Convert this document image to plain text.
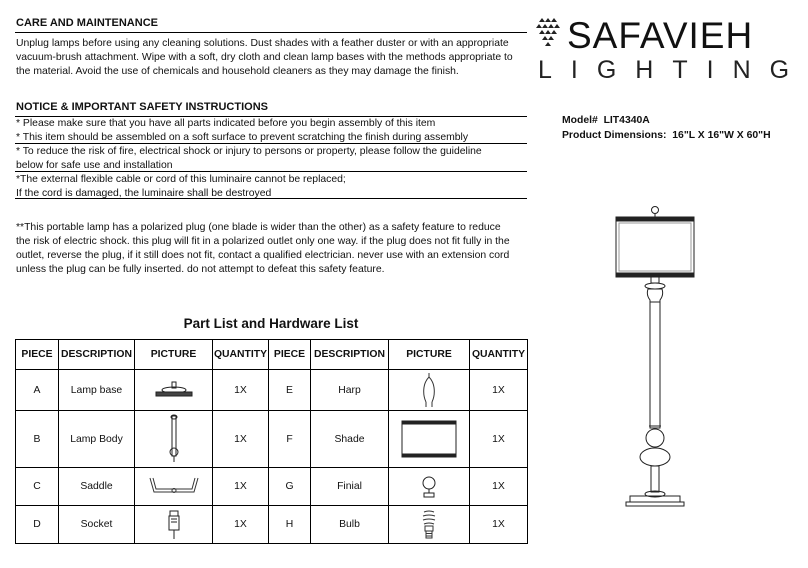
CARE AND MAINTENANCE
Unplug lamps before using any cleaning solutions. Dust shades with a feather duster or with an appropriate
vacuum-brush attachment. Wipe with a soft, dry cloth and clean lamp bases with the methods appropriate to
the material. Avoid the use of chemicals and household cleaners as they may damage the finish.
NOTICE & IMPORTANT SAFETY INSTRUCTIONS
* Please make sure that you have all parts indicated before you begin assembly of this item
* This item should be assembled on a soft surface to prevent scratching the finish during assembly
* To reduce the risk of fire, electrical shock or injury to persons or property, please follow the guideline
below for safe use and installation
*The external flexible cable or cord of this luminaire cannot be replaced;
If the cord is damaged, the luminaire shall be destroyed
**This portable lamp has a polarized plug (one blade is wider than the other) as a safety feature to reduce
the risk of electric shock. this plug will fit in a polarized outlet only one way. if the plug does not fit fully in the
outlet, reverse the plug, if it still does not fit, contact a qualified electrician. never use with an extension cord
unless the plug can be fully inserted. do not attempt to defeat this safety feature.
SAFAVIEH
LIGHTING
Model# LIT4340A
Product Dimensions: 16"L X 16"W X 60"H
Part List and Hardware List
PIECE	DESCRIPTION	PICTURE	QUANTITY	PIECE	DESCRIPTION	PICTURE	QUANTITY
A	Lamp base		1X	E	Harp		1X
B	Lamp Body		1X	F	Shade		1X
C	Saddle		1X	G	Finial		1X
D	Socket		1X	H	Bulb		1X
